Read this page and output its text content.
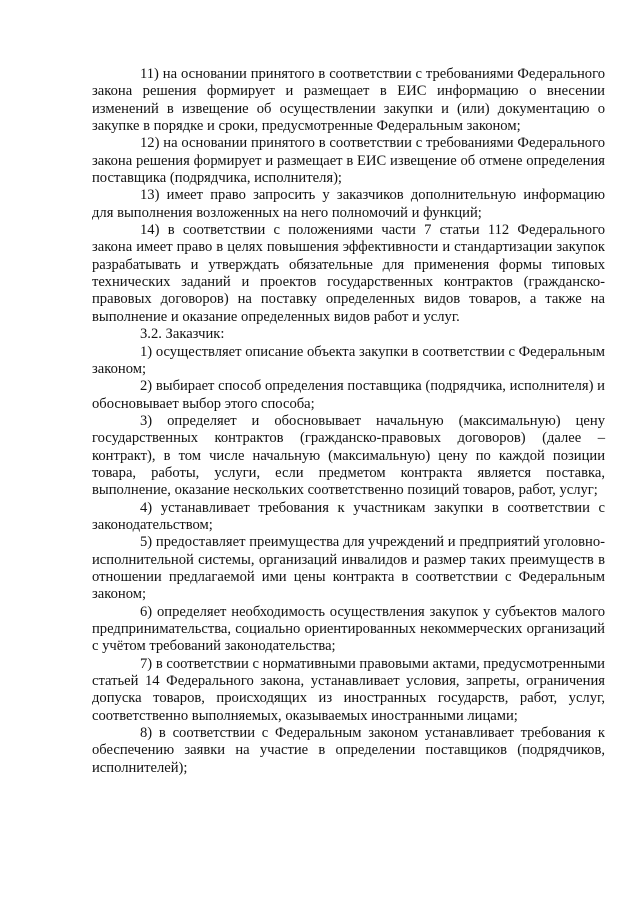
11) на основании принятого в соответствии с требованиями Федерального закона решения формирует и размещает в ЕИС информацию о внесении изменений в извещение об осуществлении закупки и (или) документацию о закупке в порядке и сроки, предусмотренные Федеральным законом;

12) на основании принятого в соответствии с требованиями Федерального закона решения формирует и размещает в ЕИС извещение об отмене определения поставщика (подрядчика, исполнителя);

13) имеет право запросить у заказчиков дополнительную информацию для выполнения возложенных на него полномочий и функций;

14) в соответствии с положениями части 7 статьи 112 Федерального закона имеет право в целях повышения эффективности и стандартизации закупок разрабатывать и утверждать обязательные для применения формы типовых технических заданий и проектов государственных контрактов (гражданско-правовых договоров) на поставку определенных видов товаров, а также на выполнение и оказание определенных видов работ и услуг.

3.2. Заказчик:

1) осуществляет описание объекта закупки в соответствии с Федеральным законом;

2) выбирает способ определения поставщика (подрядчика, исполнителя) и обосновывает выбор этого способа;

3) определяет и обосновывает начальную (максимальную) цену государственных контрактов (гражданско-правовых договоров) (далее – контракт), в том числе начальную (максимальную) цену по каждой позиции товара, работы, услуги, если предметом контракта является поставка, выполнение, оказание нескольких соответственно позиций товаров, работ, услуг;

4) устанавливает требования к участникам закупки в соответствии с законодательством;

5) предоставляет преимущества для учреждений и предприятий уголовно-исполнительной системы, организаций инвалидов и размер таких преимуществ в отношении предлагаемой ими цены контракта в соответствии с Федеральным законом;

6) определяет необходимость осуществления закупок у субъектов малого предпринимательства, социально ориентированных некоммерческих организаций с учётом требований законодательства;

7) в соответствии с нормативными правовыми актами, предусмотренными статьей 14 Федерального закона, устанавливает условия, запреты, ограничения допуска товаров, происходящих из иностранных государств, работ, услуг, соответственно выполняемых, оказываемых иностранными лицами;

8) в соответствии с Федеральным законом устанавливает требования к обеспечению заявки на участие в определении поставщиков (подрядчиков, исполнителей);
